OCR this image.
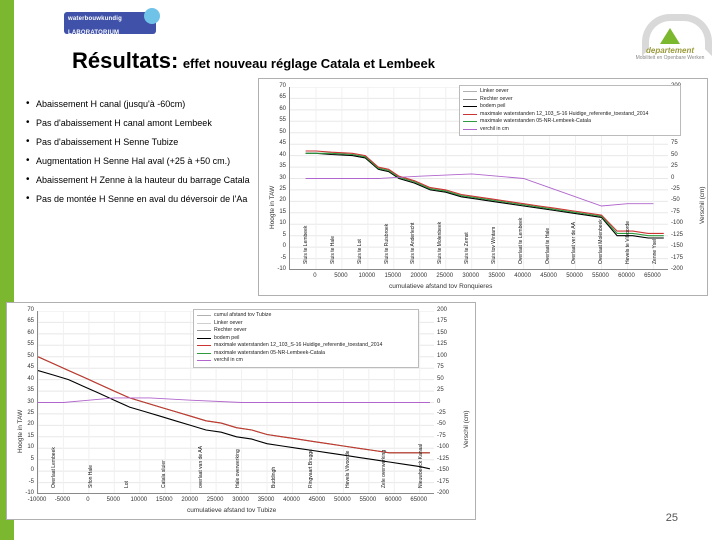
waterbouwkundig
LABORATORIUM
departement
Mobiliteit en Openbare Werken
Résultats: effet nouveau réglage Catala et Lembeek
• Abaissement H canal (jusqu'à -60cm)
• Pas d'abaissement H canal amont Lembeek
• Pas d'abaissement H Senne Tubize
• Augmentation H Senne Hal aval (+25 à +50 cm.)
• Abaissement H Zenne à la hauteur du barrage Catala
• Pas de montée H Senne en aval du déversoir de l'Aa
70
65
60
55
50
45
40
35
30
25
20
15
10
5
0
-5
-10
75
50
25
0
-25
-50
-75
-100
-125
-150
-175
-200
0	5000	10000	15000	20000	25000	30000	35000	40000	45000	50000	55000	60000	65000
Hoogte in TAW	Verschil (cm)
cumulatieve afstand tov Ronquieres
Linker oever
Rechter oever
bodem peil
maximale waterstanden 12_103_S-16 Huidige_referentie_toestand_2014
maximale waterstanden 05-NR-Lembeek-Catala
verchil in cm
Sluis te Lembeek	Sluis te Hale	Sluis te Lot	Sluis te Ruisbroek	Sluis te Anderlecht	Sluis te Molenbeek	Sluis te Zemst	Sluis tov Wintam	Overlaat te Lembeek	Overlaat te Hale	Overlaat ver de AA	Overlaat Molenbeek	Hevels te Vilvoorde	Zenne Yseli
70
65
60
55
50
45
40
35
30
25
20
15
10
5
0
-5
-10
200
175
150
125
100
75
50
25
0
-25
-50
-75
-100
-125
-150
-175
-200
-10000	-5000	0	5000	10000	15000	20000	25000	30000	35000	40000	45000	50000	55000	60000	65000
Hoogte in TAW	Verschil (cm)
cumulatieve afstand tov Tubize
cumul afstand tov Tubize
Linker oever
Rechter oever
bodem peil
maximale waterstanden 12_103_S-16 Huidige_referentie_toestand_2014
maximale waterstanden 05-NR-Lembeek-Catala
verchil in cm
Overlaat Lembeek	Sifon Hale	Lot	Catala sluier	overlaat van de AA	Hale overwerking	Buddingh	Ringvaart Brugge	Hevels Vilvoorde	Zele overwerking	Nieuwbeeck Kanaal
25
